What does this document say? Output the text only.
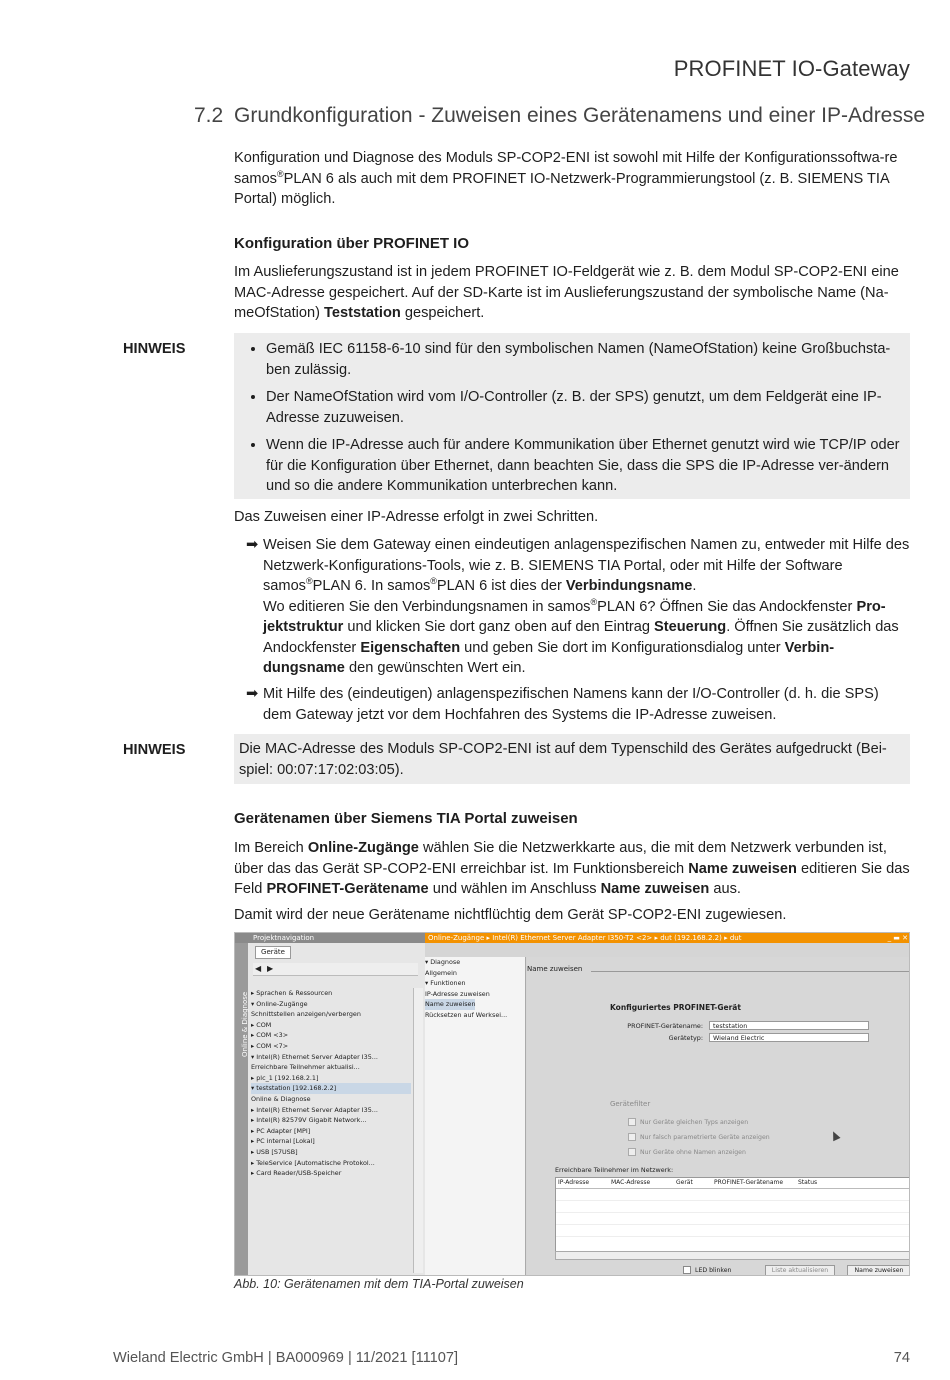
PROFINET IO-Gateway
7.2 Grundkonfiguration - Zuweisen eines Gerätenamens und einer IP-Adresse
Konfiguration und Diagnose des Moduls SP-COP2-ENI ist sowohl mit Hilfe der Konfigurationssoftwa-re samos®PLAN 6 als auch mit dem PROFINET IO-Netzwerk-Programmierungstool (z. B. SIEMENS TIA Portal) möglich.
Konfiguration über PROFINET IO
Im Auslieferungszustand ist in jedem PROFINET IO-Feldgerät wie z. B. dem Modul SP-COP2-ENI eine MAC-Adresse gespeichert. Auf der SD-Karte ist im Auslieferungszustand der symbolische Name (Na-meOfStation) Teststation gespeichert.
HINWEIS
•	Gemäß IEC 61158-6-10 sind für den symbolischen Namen (NameOfStation) keine Großbuchsta-ben zulässig.
• Der NameOfStation wird vom I/O-Controller (z. B. der SPS) genutzt, um dem Feldgerät eine IP-Adresse zuzuweisen.
• Wenn die IP-Adresse auch für andere Kommunikation über Ethernet genutzt wird wie TCP/IP oder für die Konfiguration über Ethernet, dann beachten Sie, dass die SPS die IP-Adresse ver-ändern und so die andere Kommunikation unterbrechen kann.
Das Zuweisen einer IP-Adresse erfolgt in zwei Schritten.
➡ Weisen Sie dem Gateway einen eindeutigen anlagenspezifischen Namen zu, entweder mit Hilfe des Netzwerk-Konfigurations-Tools, wie z. B. SIEMENS TIA Portal, oder mit Hilfe der Software samos®PLAN 6. In samos®PLAN 6 ist dies der Verbindungsname.
Wo editieren Sie den Verbindungsnamen in samos®PLAN 6? Öffnen Sie das Andockfenster Pro-jektstruktur und klicken Sie dort ganz oben auf den Eintrag Steuerung. Öffnen Sie zusätzlich das Andockfenster Eigenschaften und geben Sie dort im Konfigurationsdialog unter Verbin-dungsname den gewünschten Wert ein.
➡ Mit Hilfe des (eindeutigen) anlagenspezifischen Namens kann der I/O-Controller (d. h. die SPS) dem Gateway jetzt vor dem Hochfahren des Systems die IP-Adresse zuweisen.
HINWEIS	Die MAC-Adresse des Moduls SP-COP2-ENI ist auf dem Typenschild des Gerätes aufgedruckt (Bei-spiel: 00:07:17:02:03:05).
Gerätenamen über Siemens TIA Portal zuweisen
Im Bereich Online-Zugänge wählen Sie die Netzwerkkarte aus, die mit dem Netzwerk verbunden ist, über das das Gerät SP-COP2-ENI erreichbar ist. Im Funktionsbereich Name zuweisen editieren Sie das Feld PROFINET-Gerätename und wählen im Anschluss Name zuweisen aus.
Damit wird der neue Gerätename nichtflüchtig dem Gerät SP-COP2-ENI zugewiesen.
Projektnavigation	Online-Zugänge ▸ Intel(R) Ethernet Server Adapter I350-T2 <2> ▸ dut (192.168.2.2) ▸ dut	_ ▬ ✕
Online & Diagnose
Geräte
◀ ▶
▸ Sprachen & Ressourcen
▾ Online-Zugänge
Schnittstellen anzeigen/verbergen
▸ COM
▸ COM <3>
▸ COM <7>
▾ Intel(R) Ethernet Server Adapter I35...
Erreichbare Teilnehmer aktualisi...
▸ plc_1 [192.168.2.1]
▾ teststation [192.168.2.2]
Online & Diagnose
▸ Intel(R) Ethernet Server Adapter I35...
▸ Intel(R) 82579V Gigabit Network...
▸ PC Adapter [MPI]
▸ PC internal [Lokal]
▸ USB [S7USB]
▸ TeleService [Automatische Protokol...
▸ Card Reader/USB-Speicher
▾ Diagnose
Allgemein
▾ Funktionen
IP-Adresse zuweisen
Name zuweisen
Rücksetzen auf Werksei...
Name zuweisen
Konfiguriertes PROFINET-Gerät
PROFINET-Gerätename:	teststation
Gerätetyp:	Wieland Electric
Gerätefilter
Nur Geräte gleichen Typs anzeigen
Nur falsch parametrierte Geräte anzeigen
Nur Geräte ohne Namen anzeigen
Erreichbare Teilnehmer im Netzwerk:
IP-Adresse	MAC-Adresse	Gerät	PROFINET-Gerätename Status
LED blinken	Liste aktualisieren	Name zuweisen
Abb. 10: Gerätenamen mit dem TIA-Portal zuweisen
Wieland Electric GmbH | BA000969 | 11/2021 [11107]	74
